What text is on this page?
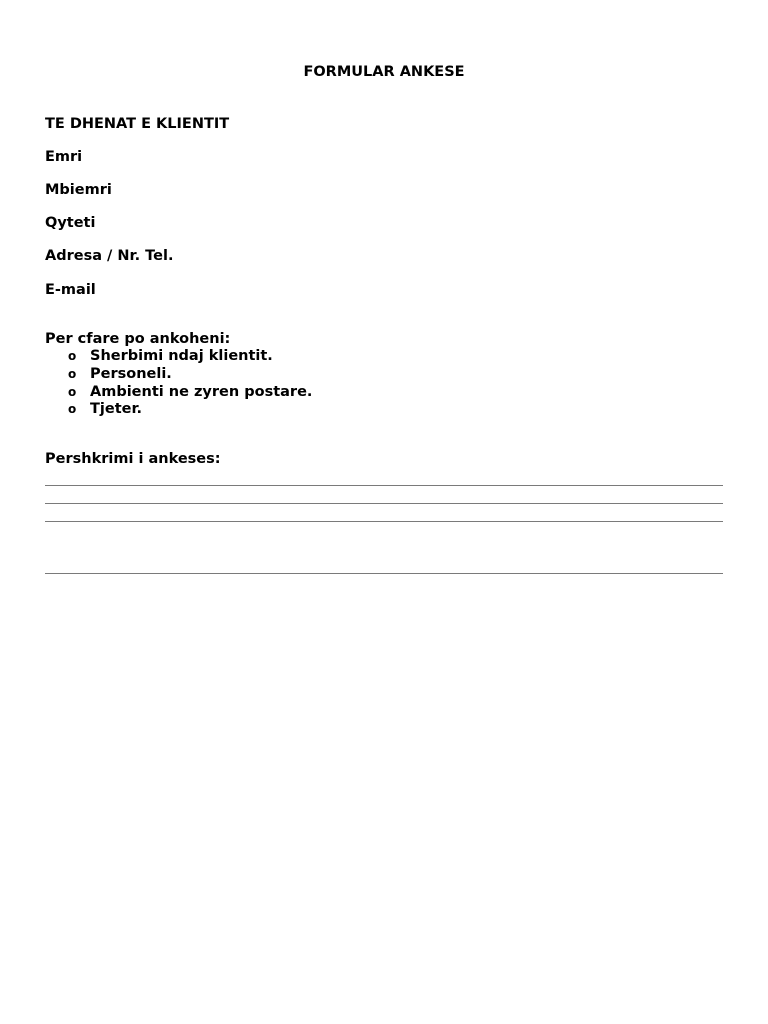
FORMULAR ANKESE
TE DHENAT E KLIENTIT
Emri
Mbiemri
Qyteti
Adresa / Nr. Tel.
E-mail
Per cfare po ankoheni:
o Sherbimi ndaj klientit.
o Personeli.
o Ambienti ne zyren postare.
o Tjeter.
Pershkrimi i ankeses:
